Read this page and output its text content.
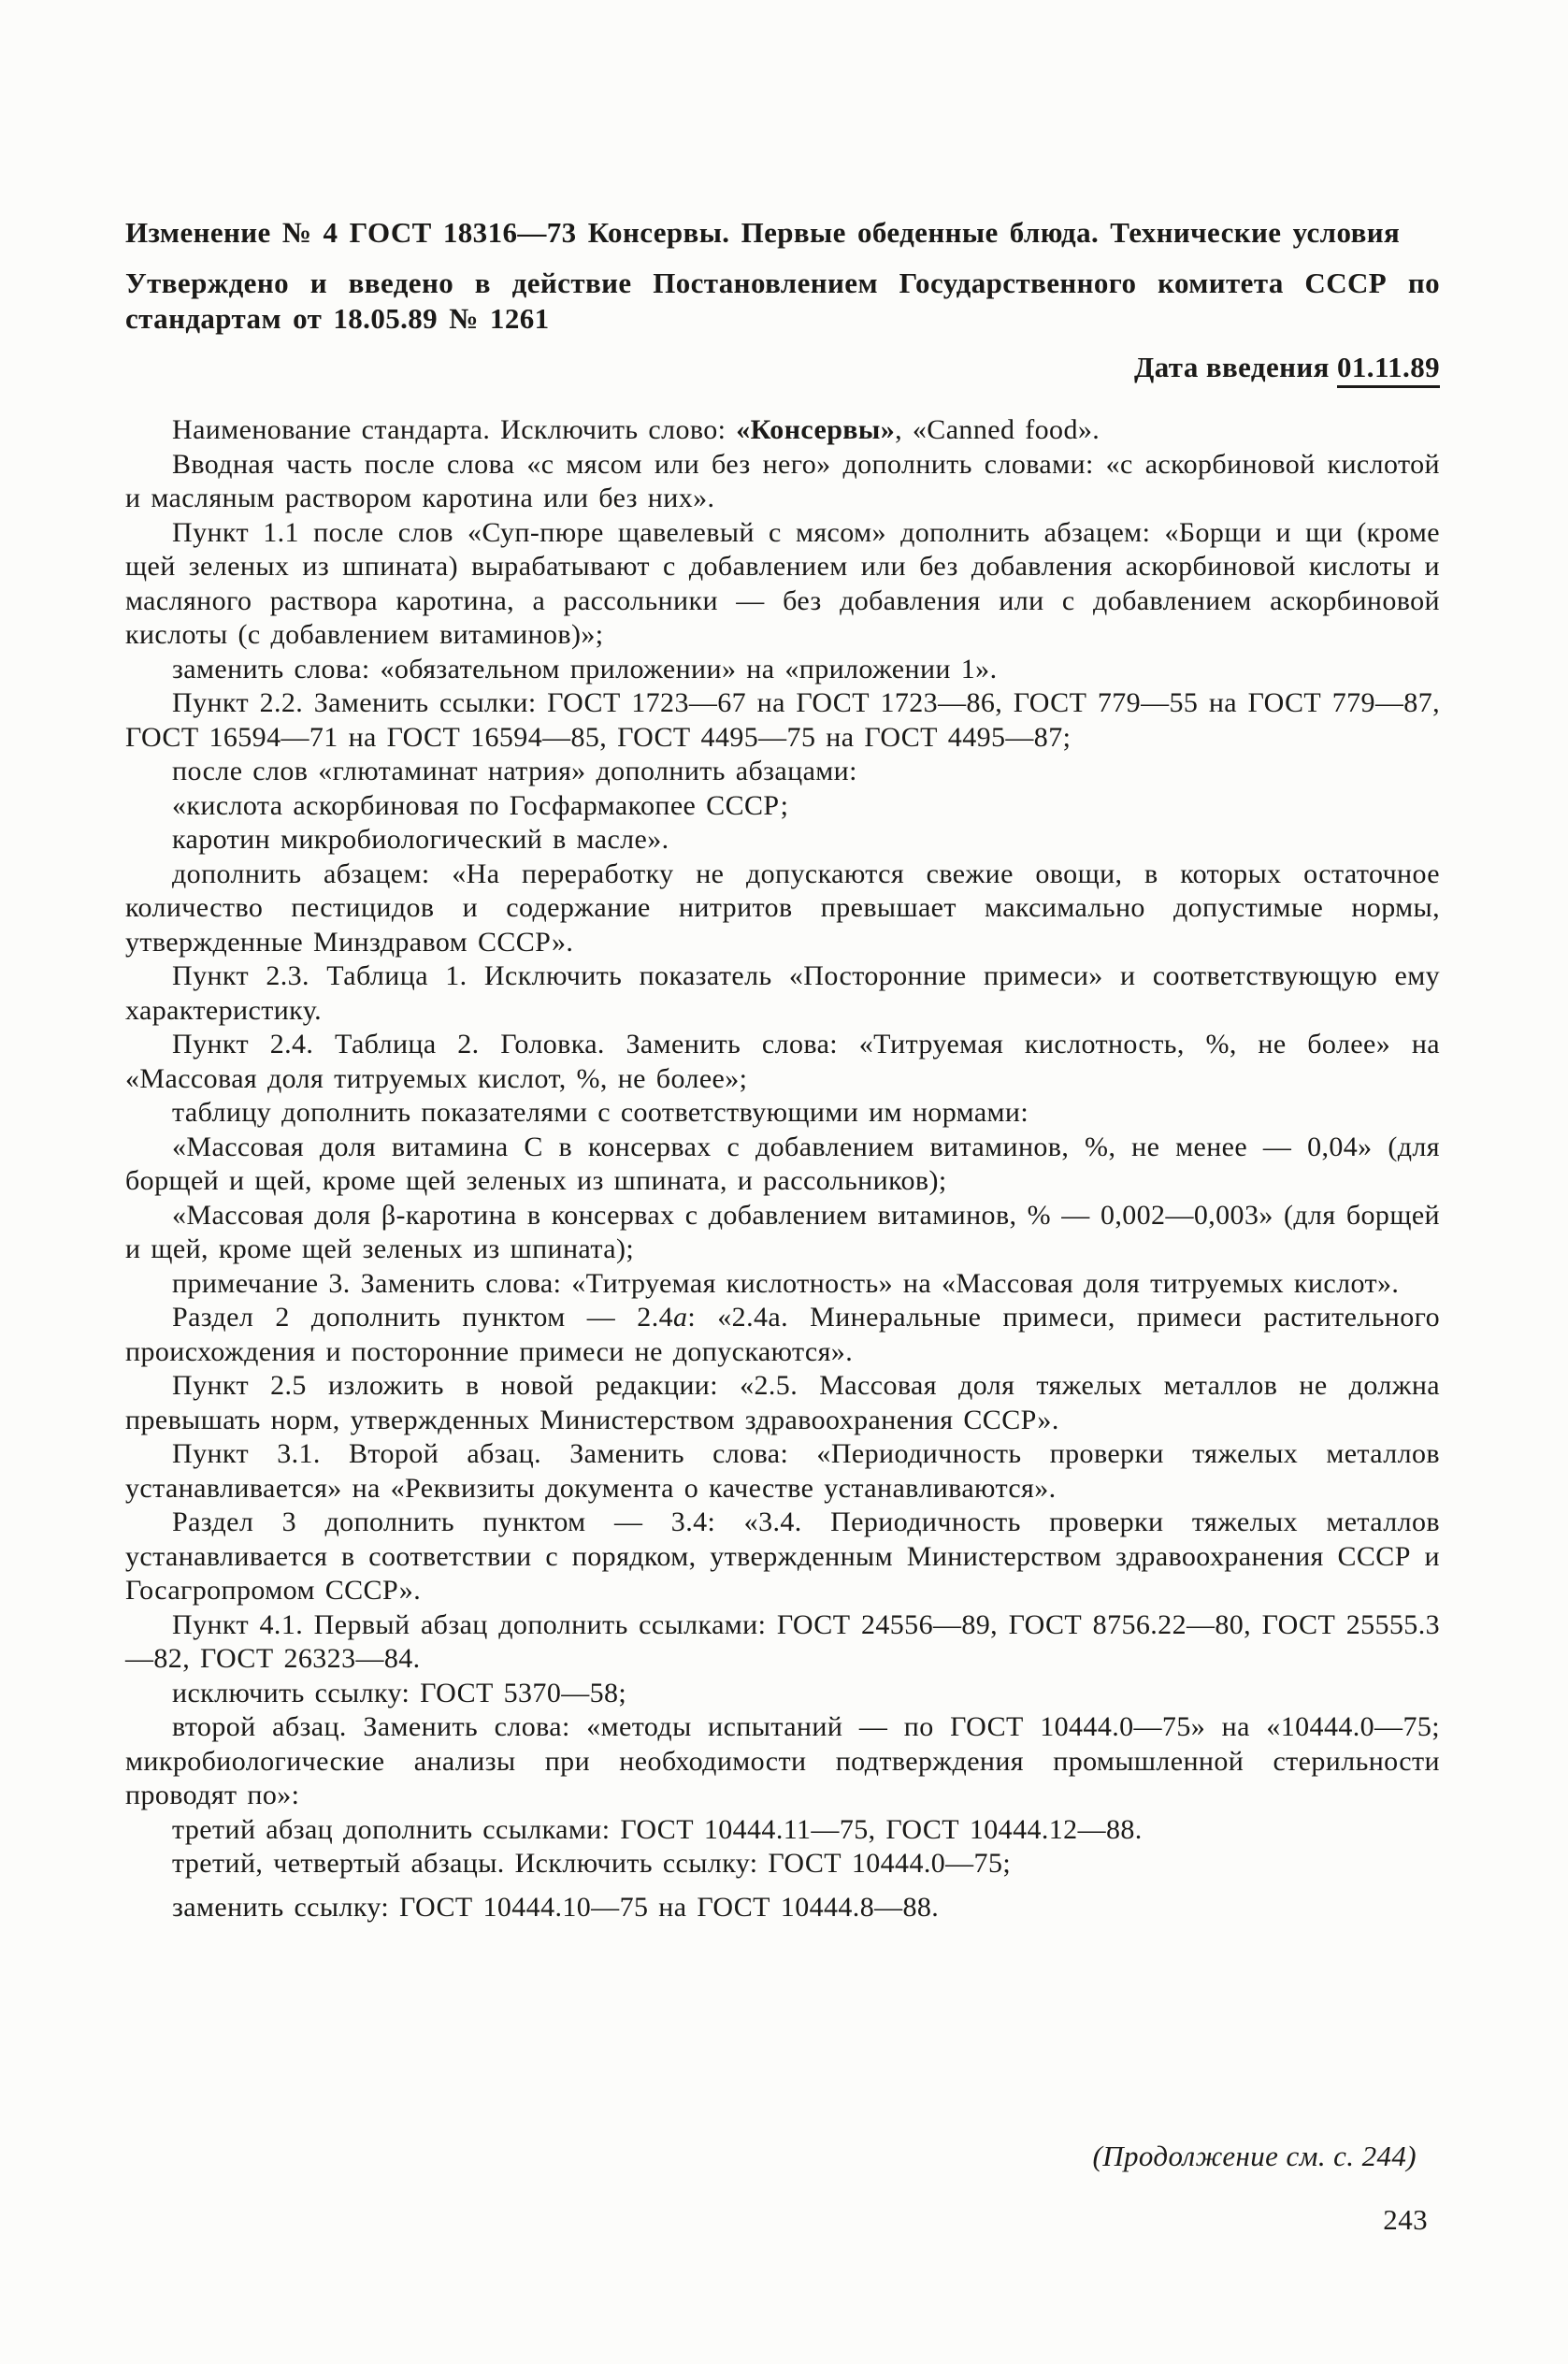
Изменение № 4 ГОСТ 18316—73 Консервы. Первые обеденные блюда. Технические условия

Утверждено и введено в действие Постановлением Государственного комитета СССР по стандартам от 18.05.89 № 1261

Дата введения 01.11.89

Наименование стандарта. Исключить слово: «Консервы», «Canned food».

Вводная часть после слова «с мясом или без него» дополнить словами: «с аскорбиновой кислотой и масляным раствором каротина или без них».

Пункт 1.1 после слов «Суп-пюре щавелевый с мясом» дополнить абзацем: «Борщи и щи (кроме щей зеленых из шпината) вырабатывают с добавлением или без добавления аскорбиновой кислоты и масляного раствора каротина, а рассольники — без добавления или с добавлением аскорбиновой кислоты (с добавлением витаминов)»;

заменить слова: «обязательном приложении» на «приложении 1».

Пункт 2.2. Заменить ссылки: ГОСТ 1723—67 на ГОСТ 1723—86, ГОСТ 779—55 на ГОСТ 779—87, ГОСТ 16594—71 на ГОСТ 16594—85, ГОСТ 4495—75 на ГОСТ 4495—87;

после слов «глютаминат натрия» дополнить абзацами:

«кислота аскорбиновая по Госфармакопее СССР;

каротин микробиологический в масле».

дополнить абзацем: «На переработку не допускаются свежие овощи, в которых остаточное количество пестицидов и содержание нитритов превышает максимально допустимые нормы, утвержденные Минздравом СССР».

Пункт 2.3. Таблица 1. Исключить показатель «Посторонние примеси» и соответствующую ему характеристику.

Пункт 2.4. Таблица 2. Головка. Заменить слова: «Титруемая кислотность, %, не более» на «Массовая доля титруемых кислот, %, не более»;

таблицу дополнить показателями с соответствующими им нормами:

«Массовая доля витамина С в консервах с добавлением витаминов, %, не менее — 0,04» (для борщей и щей, кроме щей зеленых из шпината, и рассольников);

«Массовая доля β-каротина в консервах с добавлением витаминов, % — 0,002—0,003» (для борщей и щей, кроме щей зеленых из шпината);

примечание 3. Заменить слова: «Титруемая кислотность» на «Массовая доля титруемых кислот».

Раздел 2 дополнить пунктом — 2.4а: «2.4а. Минеральные примеси, примеси растительного происхождения и посторонние примеси не допускаются».

Пункт 2.5 изложить в новой редакции: «2.5. Массовая доля тяжелых металлов не должна превышать норм, утвержденных Министерством здравоохранения СССР».

Пункт 3.1. Второй абзац. Заменить слова: «Периодичность проверки тяжелых металлов устанавливается» на «Реквизиты документа о качестве устанавливаются».

Раздел 3 дополнить пунктом — 3.4: «3.4. Периодичность проверки тяжелых металлов устанавливается в соответствии с порядком, утвержденным Министерством здравоохранения СССР и Госагропромом СССР».

Пункт 4.1. Первый абзац дополнить ссылками: ГОСТ 24556—89, ГОСТ 8756.22—80, ГОСТ 25555.3—82, ГОСТ 26323—84.

исключить ссылку: ГОСТ 5370—58;

второй абзац. Заменить слова: «методы испытаний — по ГОСТ 10444.0—75» на «10444.0—75; микробиологические анализы при необходимости подтверждения промышленной стерильности проводят по»:

третий абзац дополнить ссылками: ГОСТ 10444.11—75, ГОСТ 10444.12—88.

третий, четвертый абзацы. Исключить ссылку: ГОСТ 10444.0—75;

заменить ссылку: ГОСТ 10444.10—75 на ГОСТ 10444.8—88.

(Продолжение см. с. 244)
243
